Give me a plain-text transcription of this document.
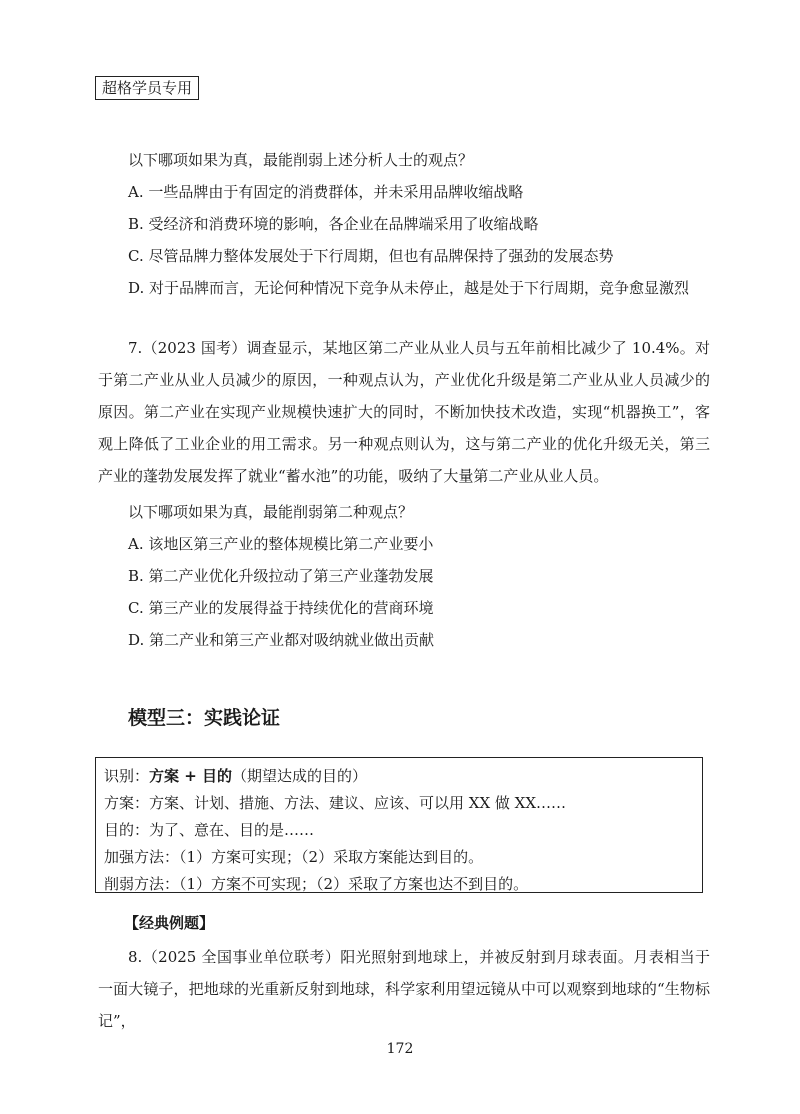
超格学员专用
以下哪项如果为真，最能削弱上述分析人士的观点？
A. 一些品牌由于有固定的消费群体，并未采用品牌收缩战略
B. 受经济和消费环境的影响，各企业在品牌端采用了收缩战略
C. 尽管品牌力整体发展处于下行周期，但也有品牌保持了强劲的发展态势
D. 对于品牌而言，无论何种情况下竞争从未停止，越是处于下行周期，竞争愈显激烈
7.（2023 国考）调查显示，某地区第二产业从业人员与五年前相比减少了 10.4%。对于第二产业从业人员减少的原因，一种观点认为，产业优化升级是第二产业从业人员减少的原因。第二产业在实现产业规模快速扩大的同时，不断加快技术改造，实现“机器换工”，客观上降低了工业企业的用工需求。另一种观点则认为，这与第二产业的优化升级无关，第三产业的蓬勃发展发挥了就业“蓄水池”的功能，吸纳了大量第二产业从业人员。
以下哪项如果为真，最能削弱第二种观点？
A. 该地区第三产业的整体规模比第二产业要小
B. 第二产业优化升级拉动了第三产业蓬勃发展
C. 第三产业的发展得益于持续优化的营商环境
D. 第二产业和第三产业都对吸纳就业做出贡献
模型三：实践论证
识别：方案 + 目的（期望达成的目的）
方案：方案、计划、措施、方法、建议、应该、可以用 XX 做 XX……
目的：为了、意在、目的是……
加强方法：（1）方案可实现；（2）采取方案能达到目的。
削弱方法：（1）方案不可实现；（2）采取了方案也达不到目的。
【经典例题】
8.（2025 全国事业单位联考）阳光照射到地球上，并被反射到月球表面。月表相当于一面大镜子，把地球的光重新反射到地球，科学家利用望远镜从中可以观察到地球的“生物标记”，
172
